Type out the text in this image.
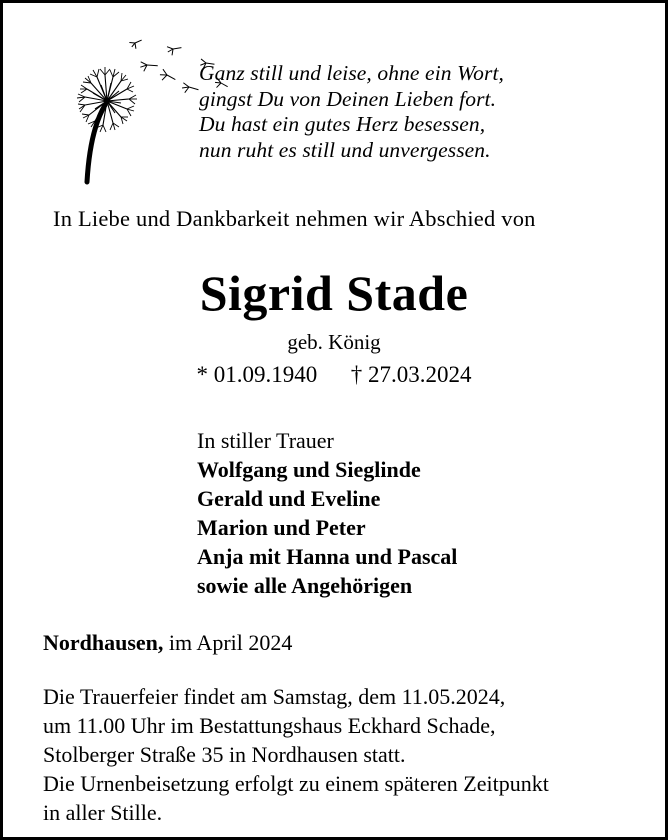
Ganz still und leise, ohne ein Wort,
gingst Du von Deinen Lieben fort.
Du hast ein gutes Herz besessen,
nun ruht es still und unvergessen.
In Liebe und Dankbarkeit nehmen wir Abschied von
Sigrid Stade
geb. König
* 01.09.1940 † 27.03.2024
In stiller Trauer
Wolfgang und Sieglinde
Gerald und Eveline
Marion und Peter
Anja mit Hanna und Pascal
sowie alle Angehörigen
Nordhausen, im April 2024
Die Trauerfeier findet am Samstag, dem 11.05.2024,
um 11.00 Uhr im Bestattungshaus Eckhard Schade,
Stolberger Straße 35 in Nordhausen statt.
Die Urnenbeisetzung erfolgt zu einem späteren Zeitpunkt
in aller Stille.
